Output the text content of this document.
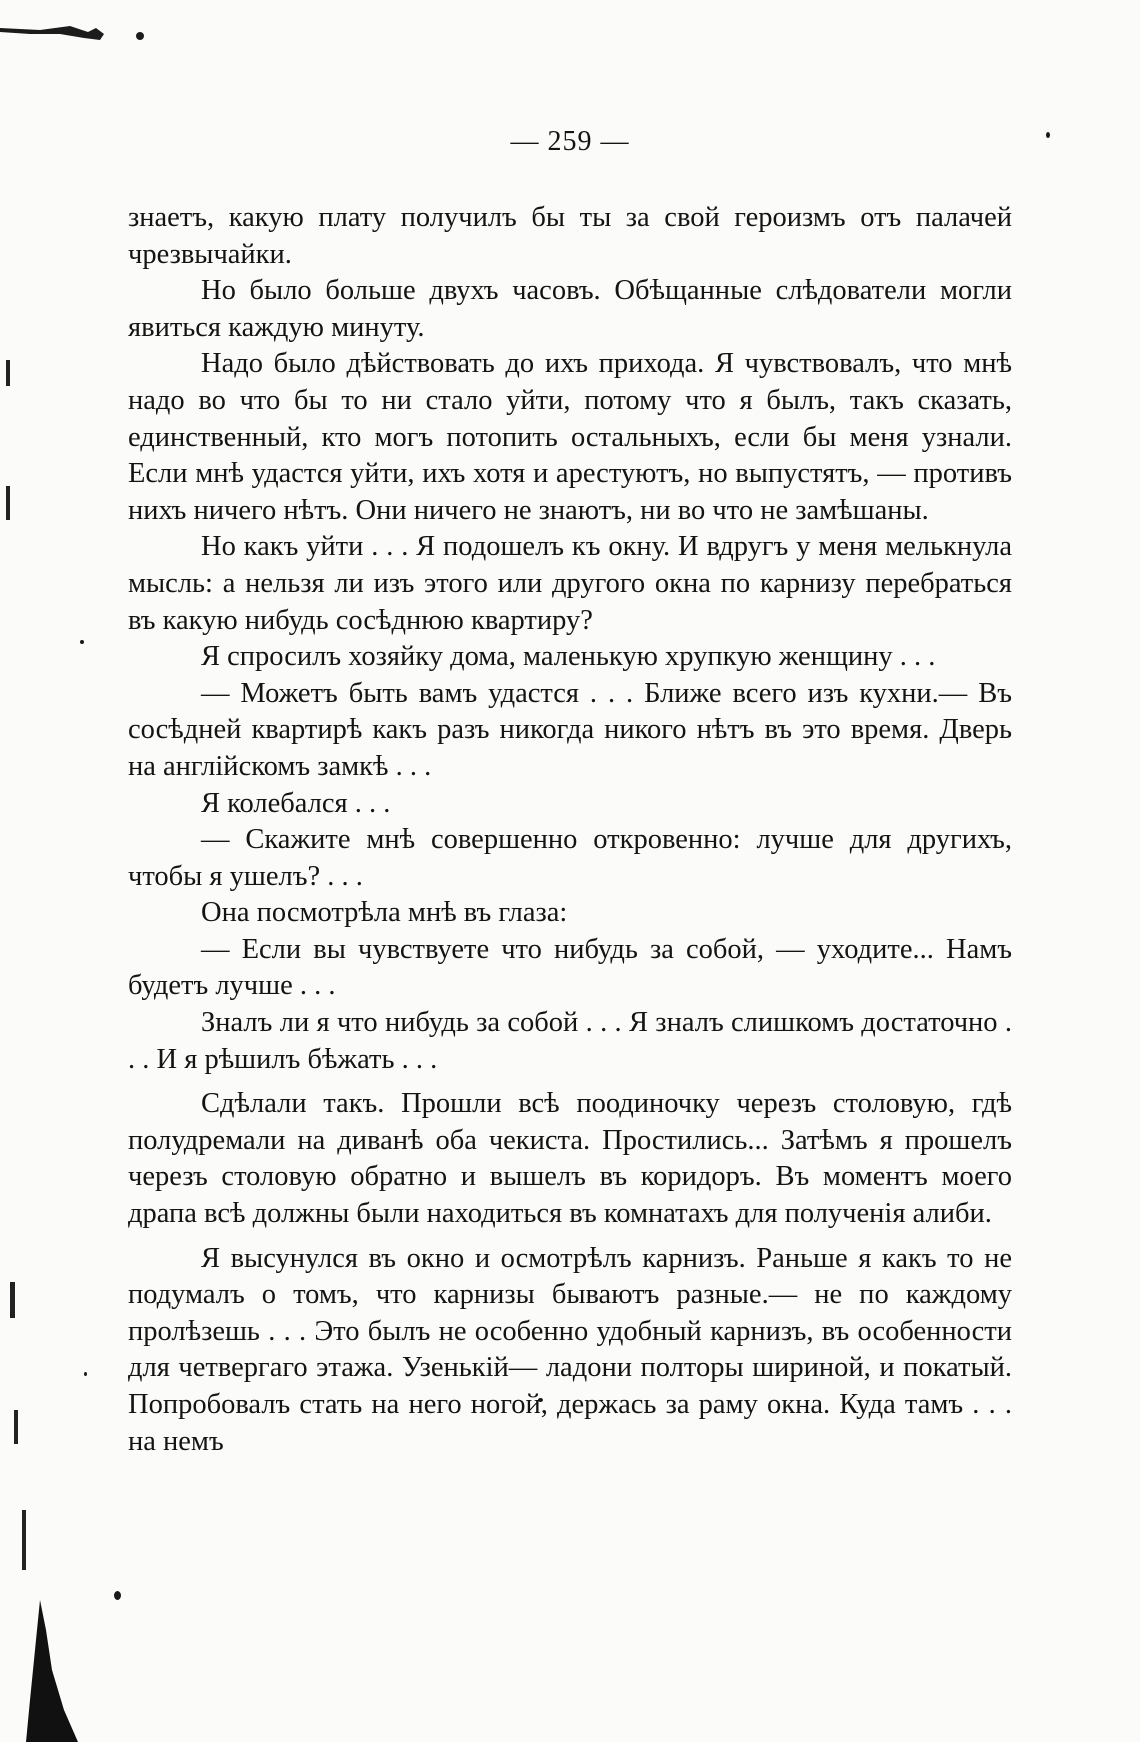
— 259 —

знаетъ, какую плату получилъ бы ты за свой героизмъ отъ палачей чрезвычайки.

Но было больше двухъ часовъ. Обѣщанные слѣдователи могли явиться каждую минуту.

Надо было дѣйствовать до ихъ прихода. Я чувствовалъ, что мнѣ надо во что бы то ни стало уйти, потому что я былъ, такъ сказать, единственный, кто могъ потопить остальныхъ, если бы меня узнали. Если мнѣ удастся уйти, ихъ хотя и арестуютъ, но выпустятъ, — противъ нихъ ничего нѣтъ. Они ничего не знаютъ, ни во что не замѣшаны.

Но какъ уйти . . . Я подошелъ къ окну. И вдругъ у меня мелькнула мысль: а нельзя ли изъ этого или другого окна по карнизу перебраться въ какую нибудь сосѣднюю квартиру?

Я спросилъ хозяйку дома, маленькую хрупкую женщину . . .

— Можетъ быть вамъ удастся . . . Ближе всего изъ кухни.— Въ сосѣдней квартирѣ какъ разъ никогда никого нѣтъ въ это время. Дверь на англійскомъ замкѣ . . .

Я колебался . . .

— Скажите мнѣ совершенно откровенно: лучше для другихъ, чтобы я ушелъ? . . .

Она посмотрѣла мнѣ въ глаза:

— Если вы чувствуете что нибудь за собой, — уходите... Намъ будетъ лучше . . .

Зналъ ли я что нибудь за собой . . . Я зналъ слишкомъ достаточно . . . И я рѣшилъ бѣжать . . .

Сдѣлали такъ. Прошли всѣ поодиночку черезъ столовую, гдѣ полудремали на диванѣ оба чекиста. Простились... Затѣмъ я прошелъ черезъ столовую обратно и вышелъ въ коридоръ. Въ моментъ моего драпа всѣ должны были находиться въ комнатахъ для полученія алиби.

Я высунулся въ окно и осмотрѣлъ карнизъ. Раньше я какъ то не подумалъ о томъ, что карнизы бываютъ разные.— не по каждому пролѣзешь . . . Это былъ не особенно удобный карнизъ, въ особенности для четвергаго этажа. Узенькій— ладони полторы шириной, и покатый. Попробовалъ стать на него ногой, держась за раму окна. Куда тамъ . . . на немъ
